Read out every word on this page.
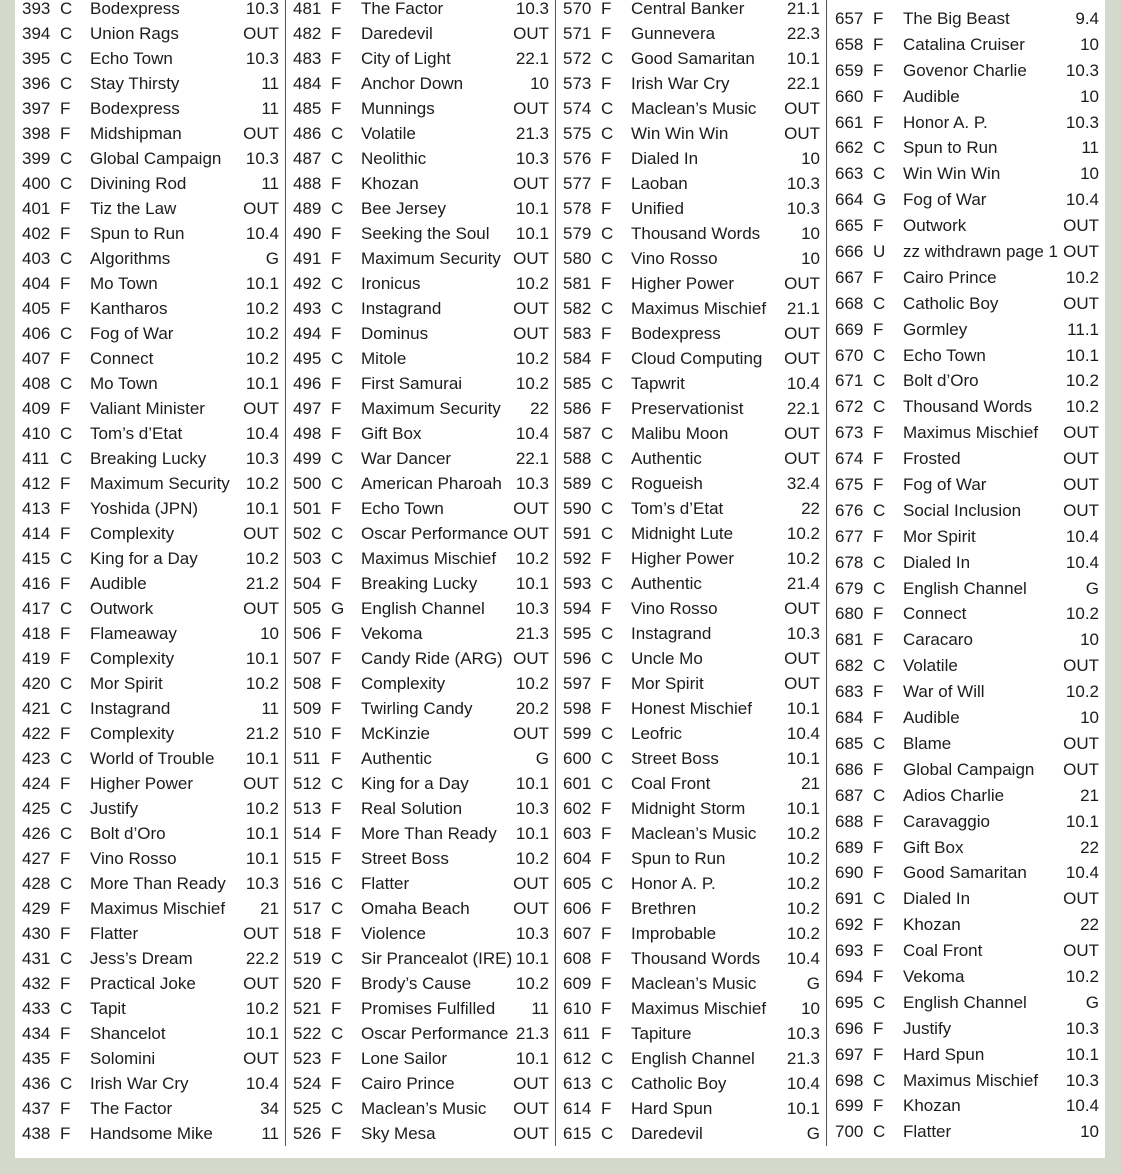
393 C	Bodexpress	10.3
394 C	Union Rags	OUT
395 C	Echo Town	10.3
396 C	Stay Thirsty	11
397 F	Bodexpress	11
398 F	Midshipman	OUT
399 C	Global Campaign	10.3
400 C	Divining Rod	11
401 F	Tiz the Law	OUT
402 F	Spun to Run	10.4
403 C	Algorithms	G
404 F	Mo Town	10.1
405 F	Kantharos	10.2
406 C	Fog of War	10.2
407 F	Connect	10.2
408 C	Mo Town	10.1
409 F	Valiant Minister	OUT
410 C	Tom’s d’Etat	10.4
411 C	Breaking Lucky	10.3
412 F	Maximum Security 10.2
413 F	Yoshida (JPN)	10.1
414 F	Complexity	OUT
415 C	King for a Day	10.2
416 F	Audible	21.2
417 C	Outwork	OUT
418 F	Flameaway	10
419 F	Complexity	10.1
420 C	Mor Spirit	10.2
421 C	Instagrand	11
422 F	Complexity	21.2
423 C	World of Trouble	10.1
424 F	Higher Power	OUT
425 C	Justify	10.2
426 C	Bolt d’Oro	10.1
427 F	Vino Rosso	10.1
428 C	More Than Ready	10.3
429 F	Maximus Mischief	21
430 F	Flatter	OUT
431 C	Jess’s Dream	22.2
432 F	Practical Joke	OUT
433 C	Tapit	10.2
434 F	Shancelot	10.1
435 F	Solomini	OUT
436 C	Irish War Cry	10.4
437 F	The Factor	34
438 F	Handsome Mike	11
481 F	The Factor	10.3
482 F	Daredevil	OUT
483 F	City of Light	22.1
484 F	Anchor Down	10
485 F	Munnings	OUT
486 C	Volatile	21.3
487 C	Neolithic	10.3
488 F	Khozan	OUT
489 C	Bee Jersey	10.1
490 F	Seeking the Soul	10.1
491 F	Maximum Security OUT
492 C	Ironicus	10.2
493 C	Instagrand	OUT
494 F	Dominus	OUT
495 C	Mitole	10.2
496 F	First Samurai	10.2
497 F	Maximum Security	22
498 F	Gift Box	10.4
499 C	War Dancer	22.1
500 C	American Pharoah 10.3
501 F	Echo Town	OUT
502 C	Oscar Performance OUT
503 C	Maximus Mischief	10.2
504 F	Breaking Lucky	10.1
505 G English Channel	10.3
506 F	Vekoma	21.3
507 F	Candy Ride (ARG) OUT
508 F	Complexity	10.2
509 F	Twirling Candy	20.2
510 F	McKinzie	OUT
511 F	Authentic	G
512 C	King for a Day	10.1
513 F	Real Solution	10.3
514 F	More Than Ready	10.1
515 F	Street Boss	10.2
516 C	Flatter	OUT
517 C	Omaha Beach	OUT
518 F	Violence	10.3
519 C	Sir Prancealot (IRE) 10.1
520 F	Brody’s Cause	10.2
521 F	Promises Fulfilled	11
522 C	Oscar Performance 21.3
523 F	Lone Sailor	10.1
524 F	Cairo Prince	OUT
525 C	Maclean’s Music	OUT
526 F	Sky Mesa	OUT
570 F	Central Banker	21.1
571 F	Gunnevera	22.3
572 C	Good Samaritan	10.1
573 F	Irish War Cry	22.1
574 C	Maclean’s Music	OUT
575 C	Win Win Win	OUT
576 F	Dialed In	10
577 F	Laoban	10.3
578 F	Unified	10.3
579 C	Thousand Words	10
580 C	Vino Rosso	10
581 F	Higher Power	OUT
582 C	Maximus Mischief	21.1
583 F	Bodexpress	OUT
584 F	Cloud Computing	OUT
585 C	Tapwrit	10.4
586 F	Preservationist	22.1
587 C	Malibu Moon	OUT
588 C	Authentic	OUT
589 C	Rogueish	32.4
590 C	Tom’s d’Etat	22
591 C	Midnight Lute	10.2
592 F	Higher Power	10.2
593 C	Authentic	21.4
594 F	Vino Rosso	OUT
595 C	Instagrand	10.3
596 C	Uncle Mo	OUT
597 F	Mor Spirit	OUT
598 F	Honest Mischief	10.1
599 C	Leofric	10.4
600 C	Street Boss	10.1
601 C	Coal Front	21
602 F	Midnight Storm	10.1
603 F	Maclean’s Music	10.2
604 F	Spun to Run	10.2
605 C	Honor A. P.	10.2
606 F	Brethren	10.2
607 F	Improbable	10.2
608 F	Thousand Words	10.4
609 F	Maclean’s Music	G
610 F	Maximus Mischief	10
611 F	Tapiture	10.3
612 C	English Channel	21.3
613 C	Catholic Boy	10.4
614 F	Hard Spun	10.1
615 C	Daredevil	G
657 F	The Big Beast	9.4
658 F	Catalina Cruiser	10
659 F	Govenor Charlie	10.3
660 F	Audible	10
661 F	Honor A. P.	10.3
662 C	Spun to Run	11
663 C	Win Win Win	10
664 G Fog of War	10.4
665 F	Outwork	OUT
666 U	zz withdrawn page 1 OUT
667 F	Cairo Prince	10.2
668 C	Catholic Boy	OUT
669 F	Gormley	11.1
670 C	Echo Town	10.1
671 C	Bolt d’Oro	10.2
672 C	Thousand Words	10.2
673 F	Maximus Mischief	OUT
674 F	Frosted	OUT
675 F	Fog of War	OUT
676 C	Social Inclusion	OUT
677 F	Mor Spirit	10.4
678 C	Dialed In	10.4
679 C	English Channel	G
680 F	Connect	10.2
681 F	Caracaro	10
682 C	Volatile	OUT
683 F	War of Will	10.2
684 F	Audible	10
685 C	Blame	OUT
686 F	Global Campaign	OUT
687 C	Adios Charlie	21
688 F	Caravaggio	10.1
689 F	Gift Box	22
690 F	Good Samaritan	10.4
691 C	Dialed In	OUT
692 F	Khozan	22
693 F	Coal Front	OUT
694 F	Vekoma	10.2
695 C	English Channel	G
696 F	Justify	10.3
697 F	Hard Spun	10.1
698 C	Maximus Mischief	10.3
699 F	Khozan	10.4
700 C	Flatter	10
